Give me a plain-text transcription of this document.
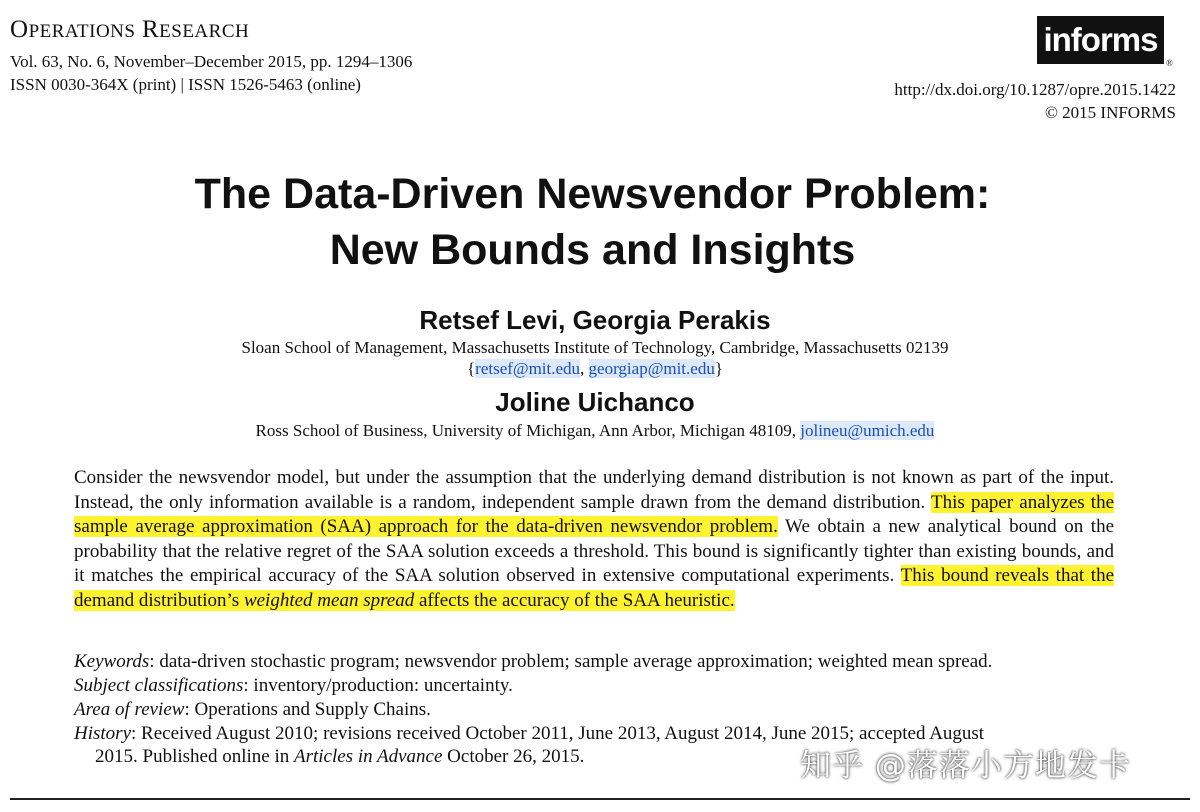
OPERATIONS RESEARCH
Vol. 63, No. 6, November–December 2015, pp. 1294–1306
ISSN 0030-364X (print) | ISSN 1526-5463 (online)
informs
®
http://dx.doi.org/10.1287/opre.2015.1422
© 2015 INFORMS
The Data-Driven Newsvendor Problem:
New Bounds and Insights
Retsef Levi, Georgia Perakis
Sloan School of Management, Massachusetts Institute of Technology, Cambridge, Massachusetts 02139
{retsef@mit.edu, georgiap@mit.edu}
Joline Uichanco
Ross School of Business, University of Michigan, Ann Arbor, Michigan 48109, jolineu@umich.edu
Consider the newsvendor model, but under the assumption that the underlying demand distribution is not known as part of the input. Instead, the only information available is a random, independent sample drawn from the demand distribution. This paper analyzes the sample average approximation (SAA) approach for the data-driven newsvendor problem. We obtain a new analytical bound on the probability that the relative regret of the SAA solution exceeds a threshold. This bound is significantly tighter than existing bounds, and it matches the empirical accuracy of the SAA solution observed in extensive computational experiments. This bound reveals that the demand distribution’s weighted mean spread affects the accuracy of the SAA heuristic.
Keywords: data-driven stochastic program; newsvendor problem; sample average approximation; weighted mean spread.
Subject classifications: inventory/production: uncertainty.
Area of review: Operations and Supply Chains.
History: Received August 2010; revisions received October 2011, June 2013, August 2014, June 2015; accepted August
2015. Published online in Articles in Advance October 26, 2015.	知乎 @落落小方地发卡
